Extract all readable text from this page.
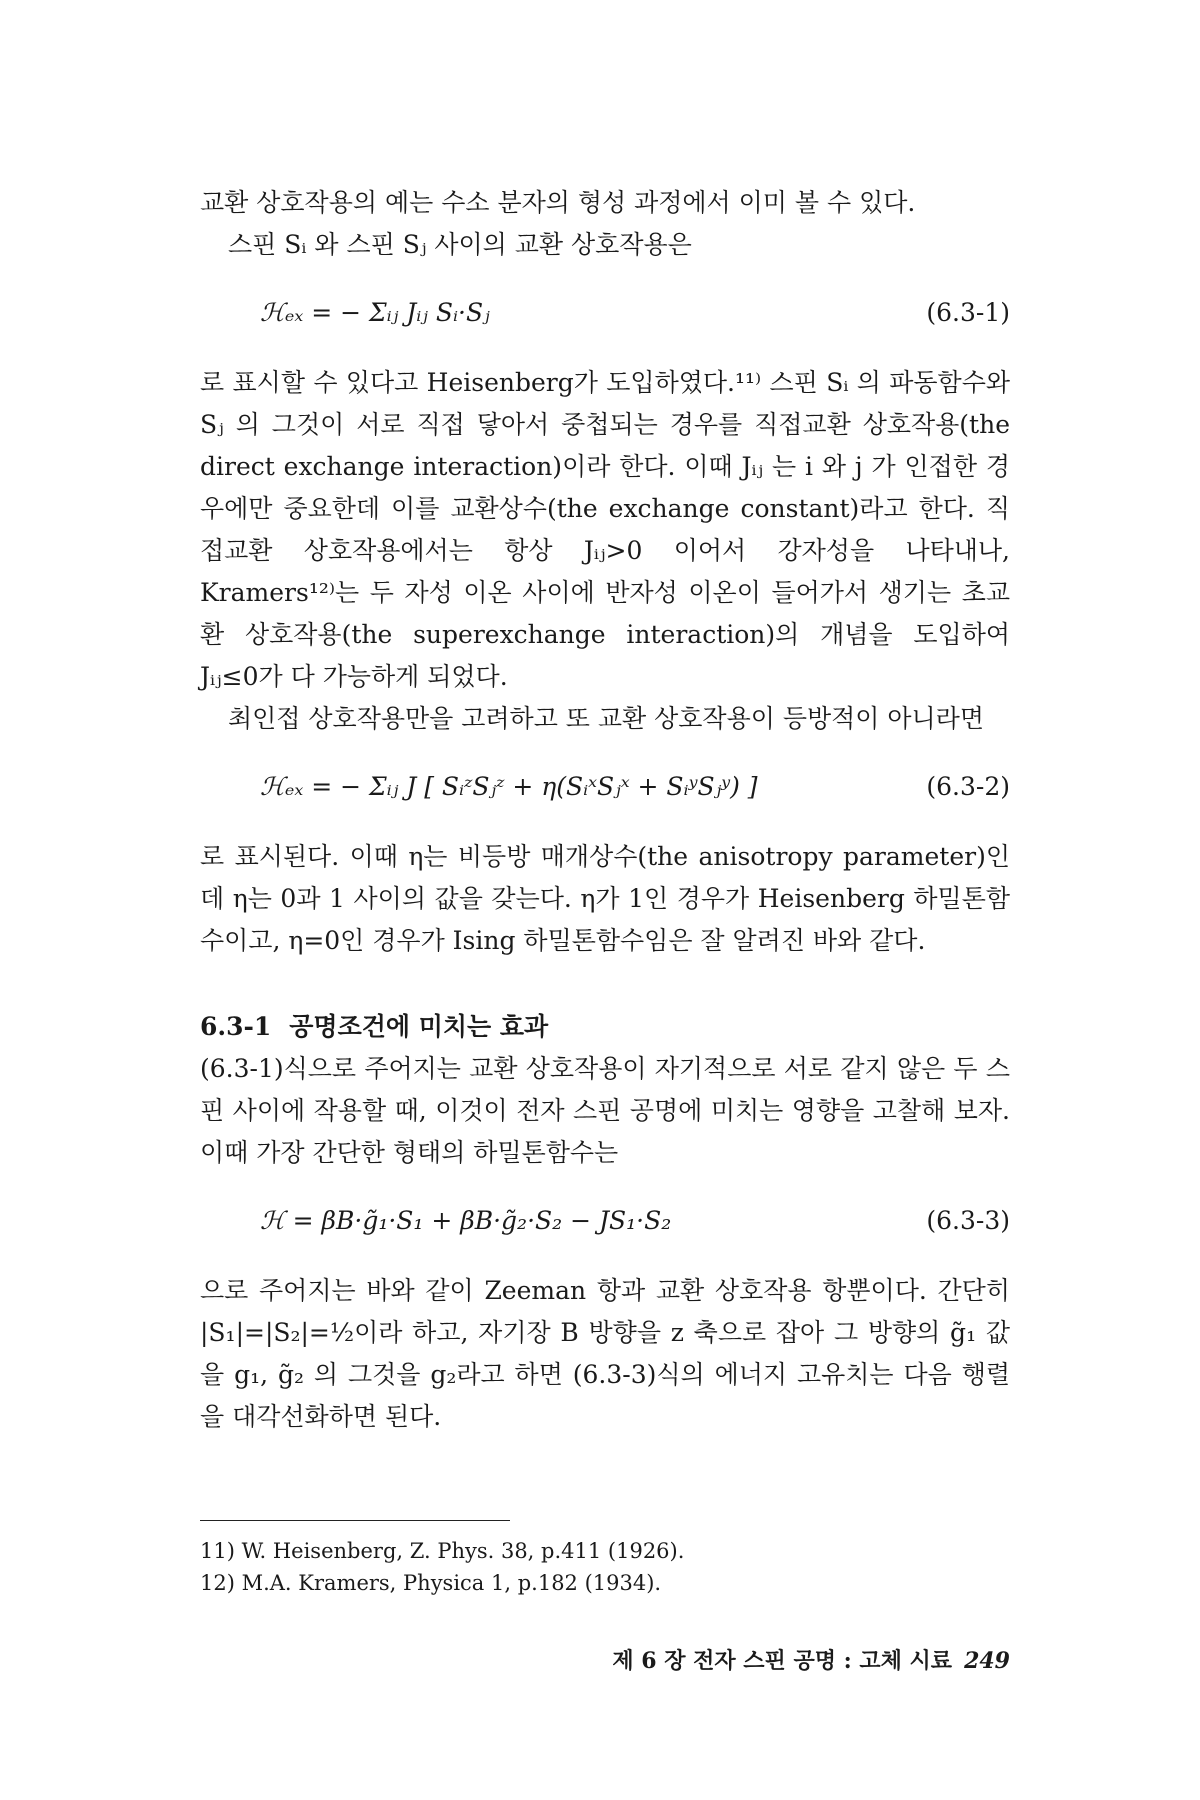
교환 상호작용의 예는 수소 분자의 형성 과정에서 이미 볼 수 있다.

스핀 Sᵢ 와 스핀 Sⱼ 사이의 교환 상호작용은

ℋₑₓ = − Σᵢⱼ Jᵢⱼ Sᵢ·Sⱼ	(6.3-1)

로 표시할 수 있다고 Heisenberg가 도입하였다.¹¹⁾ 스핀 Sᵢ 의 파동함수와 Sⱼ 의 그것이 서로 직접 닿아서 중첩되는 경우를 직접교환 상호작용(the direct exchange interaction)이라 한다. 이때 Jᵢⱼ 는 i 와 j 가 인접한 경우에만 중요한데 이를 교환상수(the exchange constant)라고 한다. 직접교환 상호작용에서는 항상 Jᵢⱼ>0 이어서 강자성을 나타내나, Kramers¹²⁾는 두 자성 이온 사이에 반자성 이온이 들어가서 생기는 초교환 상호작용(the superexchange interaction)의 개념을 도입하여 Jᵢⱼ≤0가 다 가능하게 되었다.

최인접 상호작용만을 고려하고 또 교환 상호작용이 등방적이 아니라면

ℋₑₓ = − Σᵢⱼ J [ SᵢᶻSⱼᶻ + η(SᵢˣSⱼˣ + SᵢʸSⱼʸ) ]	(6.3-2)

로 표시된다. 이때 η는 비등방 매개상수(the anisotropy parameter)인데 η는 0과 1 사이의 값을 갖는다. η가 1인 경우가 Heisenberg 하밀톤함수이고, η=0인 경우가 Ising 하밀톤함수임은 잘 알려진 바와 같다.

6.3-1 공명조건에 미치는 효과

(6.3-1)식으로 주어지는 교환 상호작용이 자기적으로 서로 같지 않은 두 스핀 사이에 작용할 때, 이것이 전자 스핀 공명에 미치는 영향을 고찰해 보자. 이때 가장 간단한 형태의 하밀톤함수는

ℋ = βB·g̃₁·S₁ + βB·g̃₂·S₂ − JS₁·S₂	(6.3-3)

으로 주어지는 바와 같이 Zeeman 항과 교환 상호작용 항뿐이다. 간단히 |S₁|=|S₂|=½이라 하고, 자기장 B 방향을 z 축으로 잡아 그 방향의 g̃₁ 값을 g₁, g̃₂ 의 그것을 g₂라고 하면 (6.3-3)식의 에너지 고유치는 다음 행렬을 대각선화하면 된다.

11) W. Heisenberg, Z. Phys. 38, p.411 (1926).
12) M.A. Kramers, Physica 1, p.182 (1934).
제 6 장 전자 스핀 공명 : 고체 시료 249
